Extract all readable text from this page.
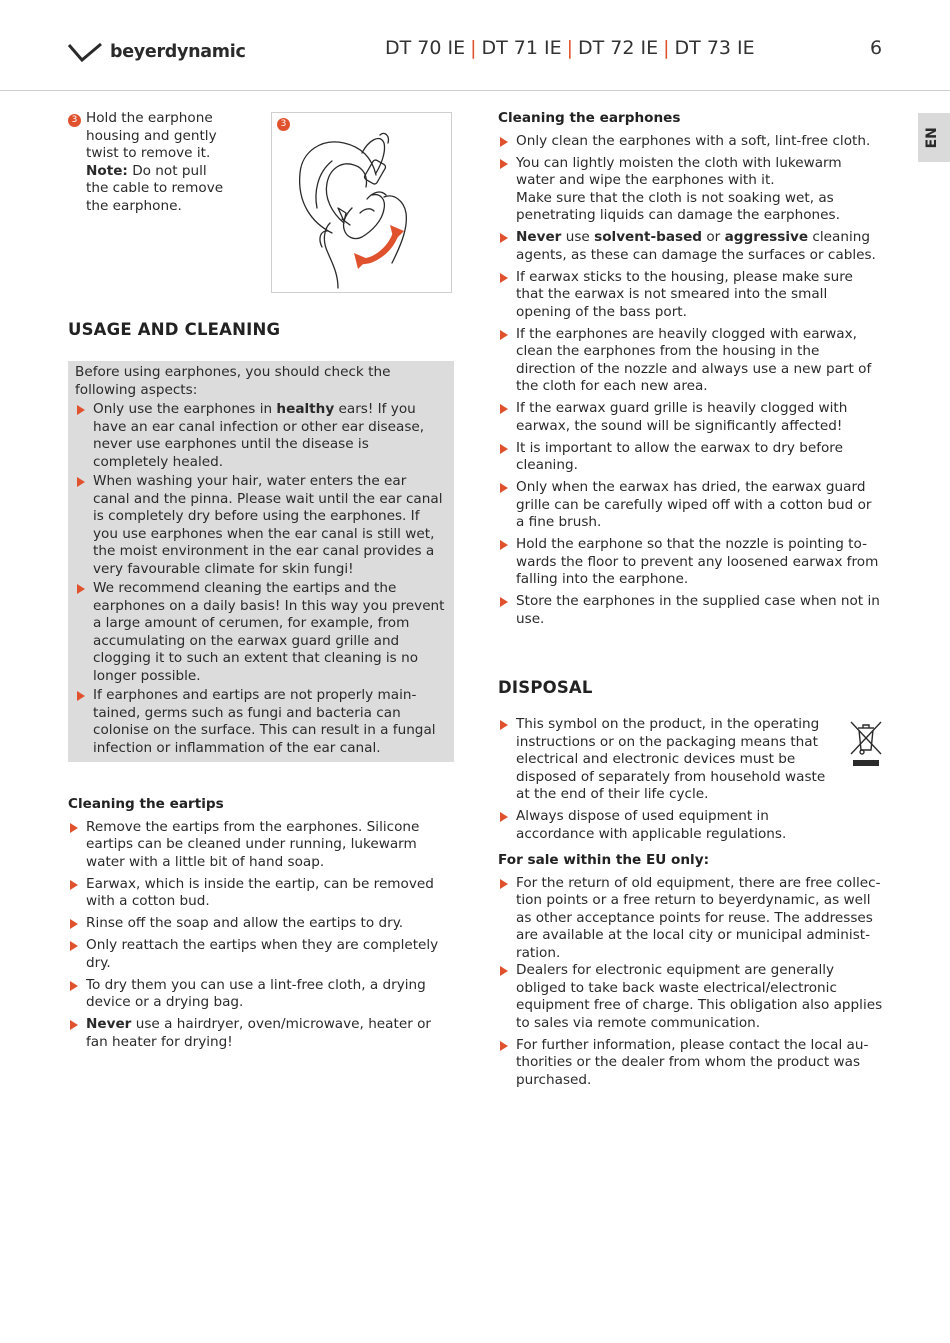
beyerdynamic	DT 70 IE | DT 71 IE | DT 72 IE | DT 73 IE	6
EN
3 Hold the earphone
housing and gently
twist to remove it.
Note: Do not pull
the cable to remove
the earphone.
3
USAGE AND CLEANING

Before using earphones, you should check the following aspects:

Only use the earphones in healthy ears! If you have an ear canal infection or other ear disease, never use earphones until the disease is completely healed.
When washing your hair, water enters the ear canal and the pinna. Please wait until the ear canal is completely dry before using the earphones. If you use earphones when the ear canal is still wet, the moist environment in the ear canal provides a very favourable climate for skin fungi!
We recommend cleaning the eartips and the earphones on a daily basis! In this way you prevent a large amount of cerumen, for example, from accumulating on the earwax guard grille and clogging it to such an extent that cleaning is no longer possible.
If earphones and eartips are not properly main-tained, germs such as fungi and bacteria can colonise on the surface. This can result in a fungal infection or inflammation of the ear canal.
Cleaning the eartips
Remove the eartips from the earphones. Silicone eartips can be cleaned under running, lukewarm water with a little bit of hand soap.
Earwax, which is inside the eartip, can be removed with a cotton bud.
Rinse off the soap and allow the eartips to dry.
Only reattach the eartips when they are completely dry.
To dry them you can use a lint-free cloth, a drying device or a drying bag.
Never use a hairdryer, oven/microwave, heater or fan heater for drying!
Cleaning the earphones
Only clean the earphones with a soft, lint-free cloth.
You can lightly moisten the cloth with lukewarm water and wipe the earphones with it.
Make sure that the cloth is not soaking wet, as penetrating liquids can damage the earphones.
Never use solvent-based or aggressive cleaning agents, as these can damage the surfaces or cables.
If earwax sticks to the housing, please make sure that the earwax is not smeared into the small opening of the bass port.
If the earphones are heavily clogged with earwax, clean the earphones from the housing in the direction of the nozzle and always use a new part of the cloth for each new area.
If the earwax guard grille is heavily clogged with earwax, the sound will be significantly affected!
It is important to allow the earwax to dry before cleaning.
Only when the earwax has dried, the earwax guard grille can be carefully wiped off with a cotton bud or a fine brush.
Hold the earphone so that the nozzle is pointing to-wards the floor to prevent any loosened earwax from falling into the earphone.
Store the earphones in the supplied case when not in use.
DISPOSAL
This symbol on the product, in the operating instructions or on the packaging means that electrical and electronic devices must be disposed of separately from household waste at the end of their life cycle.
Always dispose of used equipment in accordance with applicable regulations.
For sale within the EU only:
For the return of old equipment, there are free collec-tion points or a free return to beyerdynamic, as well as other acceptance points for reuse. The addresses are available at the local city or municipal administ-ration.
Dealers for electronic equipment are generally obliged to take back waste electrical/electronic equipment free of charge. This obligation also applies to sales via remote communication.
For further information, please contact the local au-thorities or the dealer from whom the product was purchased.
